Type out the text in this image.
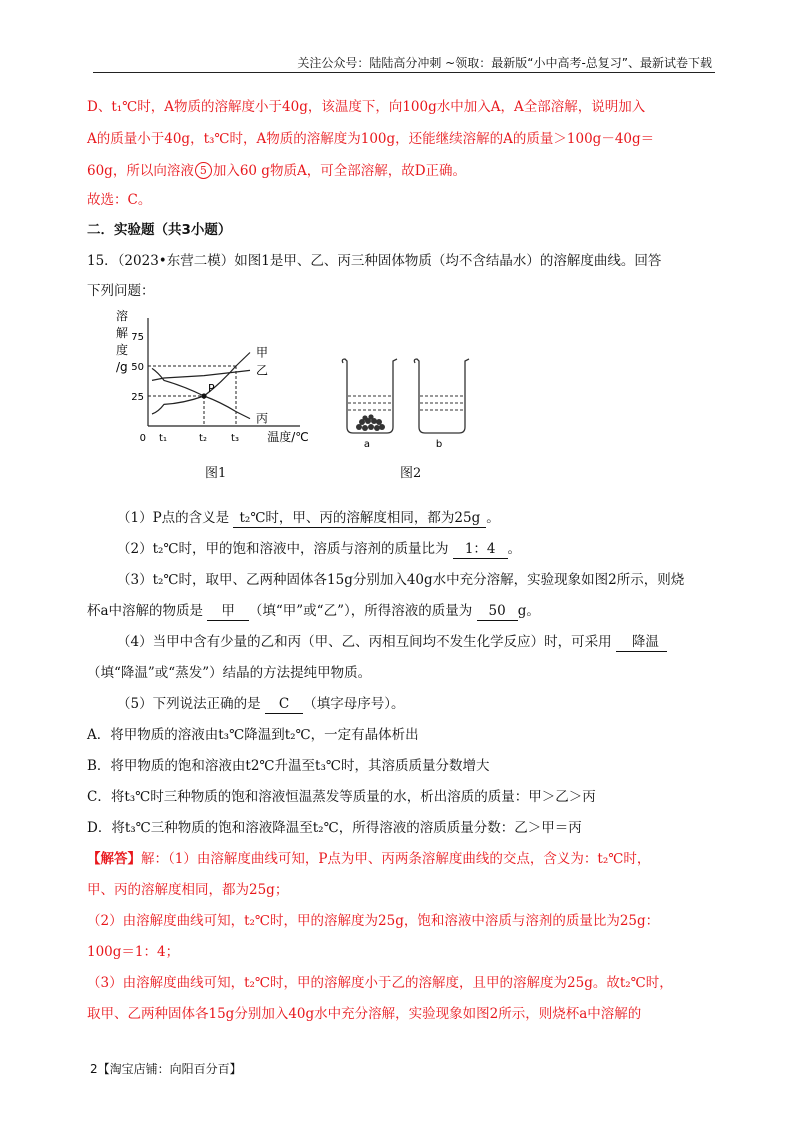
关注公众号：陆陆高分冲刺 ~领取：最新版“小中高考-总复习”、最新试卷下载
D、t₁℃时，A物质的溶解度小于40g，该温度下，向100g水中加入A，A全部溶解，说明加入
A的质量小于40g，t₃℃时，A物质的溶解度为100g，还能继续溶解的A的质量＞100g－40g＝
60g，所以向溶液 5 加入60 g物质A，可全部溶解，故D正确。
故选：C。
二．实验题（共3小题）
15．（2023•东营二模）如图1是甲、乙、丙三种固体物质（均不含结晶水）的溶解度曲线。回答
下列问题：
溶
解
度
/g
75
50
25
0 t₁	t₂ t₃ 温度/℃
甲
乙
丙
P
图1
a	b
图2
（1）P点的含义是 t₂℃时，甲、丙的溶解度相同，都为25g 。
（2）t₂℃时，甲的饱和溶液中，溶质与溶剂的质量比为 1：4 。
（3）t₂℃时，取甲、乙两种固体各15g分别加入40g水中充分溶解，实验现象如图2所示，则烧
杯a中溶解的物质是 甲 （填“甲”或“乙”），所得溶液的质量为 50 g。
（4）当甲中含有少量的乙和丙（甲、乙、丙相互间均不发生化学反应）时，可采用 降温
（填“降温”或“蒸发”）结晶的方法提纯甲物质。
（5）下列说法正确的是 C （填字母序号）。
A．将甲物质的溶液由t₃℃降温到t₂℃，一定有晶体析出
B．将甲物质的饱和溶液由t2℃升温至t₃℃时，其溶质质量分数增大
C．将t₃℃时三种物质的饱和溶液恒温蒸发等质量的水，析出溶质的质量：甲＞乙＞丙
D．将t₃℃三种物质的饱和溶液降温至t₂℃，所得溶液的溶质质量分数：乙＞甲＝丙
【解答】解：（1）由溶解度曲线可知，P点为甲、丙两条溶解度曲线的交点，含义为：t₂℃时，
甲、丙的溶解度相同，都为25g；
（2）由溶解度曲线可知，t₂℃时，甲的溶解度为25g，饱和溶液中溶质与溶剂的质量比为25g：
100g＝1：4；
（3）由溶解度曲线可知，t₂℃时，甲的溶解度小于乙的溶解度，且甲的溶解度为25g。故t₂℃时，
取甲、乙两种固体各15g分别加入40g水中充分溶解，实验现象如图2所示，则烧杯a中溶解的
2【淘宝店铺：向阳百分百】
